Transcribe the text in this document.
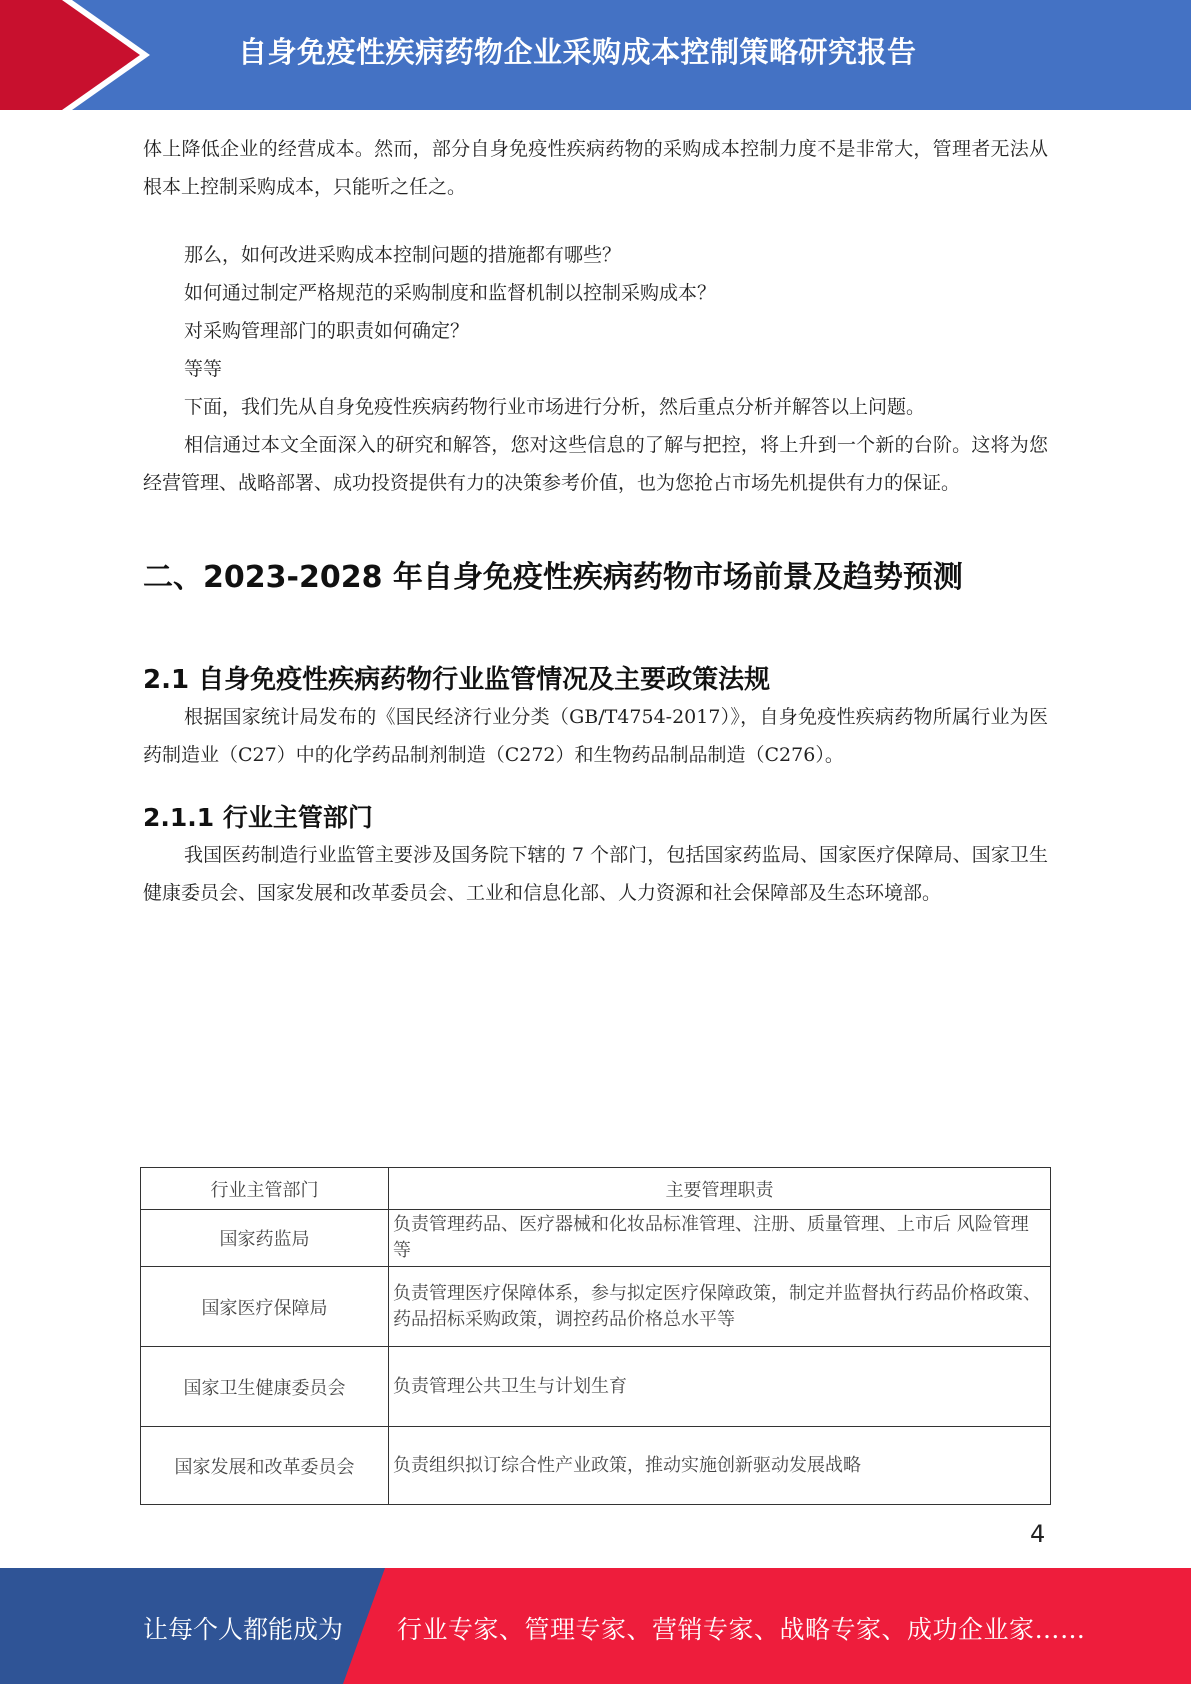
自身免疫性疾病药物企业采购成本控制策略研究报告

体上降低企业的经营成本。然而，部分自身免疫性疾病药物的采购成本控制力度不是非常大，管理者无法从根本上控制采购成本，只能听之任之。

那么，如何改进采购成本控制问题的措施都有哪些？

如何通过制定严格规范的采购制度和监督机制以控制采购成本？

对采购管理部门的职责如何确定？

等等

下面，我们先从自身免疫性疾病药物行业市场进行分析，然后重点分析并解答以上问题。

相信通过本文全面深入的研究和解答，您对这些信息的了解与把控，将上升到一个新的台阶。这将为您经营管理、战略部署、成功投资提供有力的决策参考价值，也为您抢占市场先机提供有力的保证。

二、2023-2028 年自身免疫性疾病药物市场前景及趋势预测
2.1 自身免疫性疾病药物行业监管情况及主要政策法规

根据国家统计局发布的《国民经济行业分类（GB/T4754-2017）》，自身免疫性疾病药物所属行业为医药制造业（C27）中的化学药品制剂制造（C272）和生物药品制品制造（C276）。

2.1.1 行业主管部门

我国医药制造行业监管主要涉及国务院下辖的 7 个部门，包括国家药监局、国家医疗保障局、国家卫生健康委员会、国家发展和改革委员会、工业和信息化部、人力资源和社会保障部及生态环境部。

行业主管部门	主要管理职责
国家药监局	负责管理药品、医疗器械和化妆品标准管理、注册、质量管理、上市后 风险管理等
国家医疗保障局	负责管理医疗保障体系，参与拟定医疗保障政策，制定并监督执行药品价格政策、药品招标采购政策，调控药品价格总水平等
国家卫生健康委员会	负责管理公共卫生与计划生育
国家发展和改革委员会	负责组织拟订综合性产业政策，推动实施创新驱动发展战略
4
让每个人都能成为 行业专家、管理专家、营销专家、战略专家、成功企业家……
